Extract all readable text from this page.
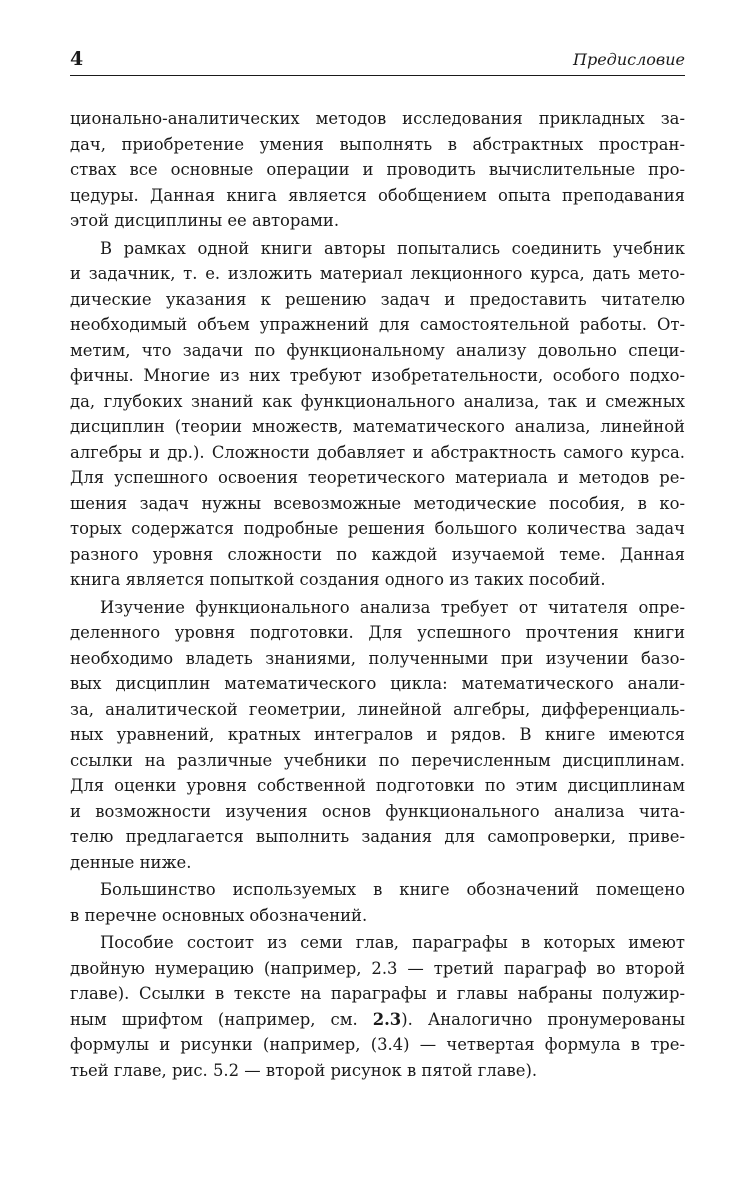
4	Предисловие
ционально-аналитических методов исследования прикладных за-
дач, приобретение умения выполнять в абстрактных простран-
ствах все основные операции и проводить вычислительные про-
цедуры. Данная книга является обобщением опыта преподавания
этой дисциплины ее авторами.
В рамках одной книги авторы попытались соединить учебник
и задачник, т. е. изложить материал лекционного курса, дать мето-
дические указания к решению задач и предоставить читателю
необходимый объем упражнений для самостоятельной работы. От-
метим, что задачи по функциональному анализу довольно специ-
фичны. Многие из них требуют изобретательности, особого подхо-
да, глубоких знаний как функционального анализа, так и смежных
дисциплин (теории множеств, математического анализа, линейной
алгебры и др.). Сложности добавляет и абстрактность самого курса.
Для успешного освоения теоретического материала и методов ре-
шения задач нужны всевозможные методические пособия, в ко-
торых содержатся подробные решения большого количества задач
разного уровня сложности по каждой изучаемой теме. Данная
книга является попыткой создания одного из таких пособий.
Изучение функционального анализа требует от читателя опре-
деленного уровня подготовки. Для успешного прочтения книги
необходимо владеть знаниями, полученными при изучении базо-
вых дисциплин математического цикла: математического анали-
за, аналитической геометрии, линейной алгебры, дифференциаль-
ных уравнений, кратных интегралов и рядов. В книге имеются
ссылки на различные учебники по перечисленным дисциплинам.
Для оценки уровня собственной подготовки по этим дисциплинам
и возможности изучения основ функционального анализа чита-
телю предлагается выполнить задания для самопроверки, приве-
денные ниже.
Большинство используемых в книге обозначений помещено
в перечне основных обозначений.
Пособие состоит из семи глав, параграфы в которых имеют
двойную нумерацию (например, 2.3 — третий параграф во второй
главе). Ссылки в тексте на параграфы и главы набраны полужир-
ным шрифтом (например, см. 2.3). Аналогично пронумерованы
формулы и рисунки (например, (3.4) — четвертая формула в тре-
тьей главе, рис. 5.2 — второй рисунок в пятой главе).
